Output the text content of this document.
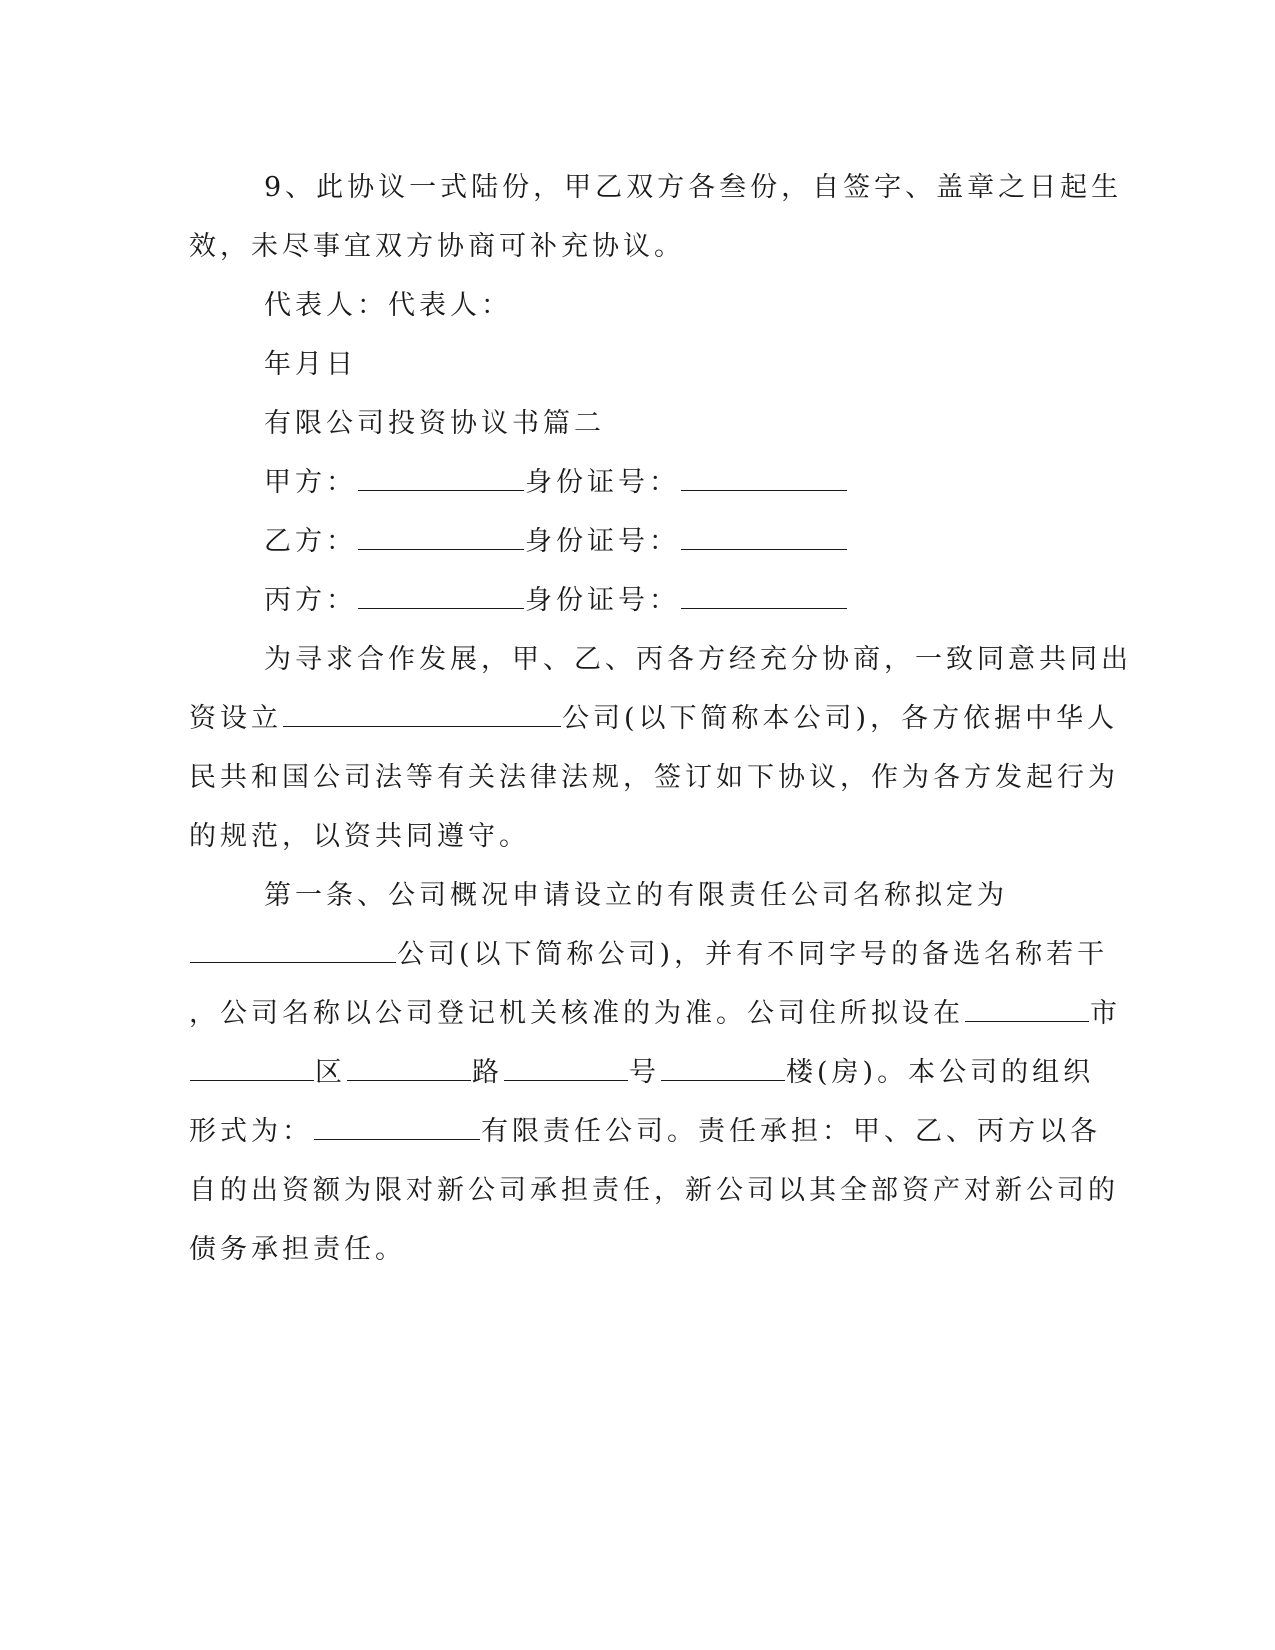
9、此协议一式陆份，甲乙双方各叁份，自签字、盖章之日起生
效，未尽事宜双方协商可补充协议。
代表人：代表人：
年月日
有限公司投资协议书篇二
甲方：	身份证号：
乙方：	身份证号：
丙方：	身份证号：
为寻求合作发展，甲、乙、丙各方经充分协商，一致同意共同出
资设立	公司(以下简称本公司)，各方依据中华人
民共和国公司法等有关法律法规，签订如下协议，作为各方发起行为
的规范，以资共同遵守。
第一条、公司概况申请设立的有限责任公司名称拟定为
公司(以下简称公司)，并有不同字号的备选名称若干
，公司名称以公司登记机关核准的为准。公司住所拟设在	市
区	路	号	楼(房)。本公司的组织
形式为：	有限责任公司。责任承担：甲、乙、丙方以各
自的出资额为限对新公司承担责任，新公司以其全部资产对新公司的
债务承担责任。
